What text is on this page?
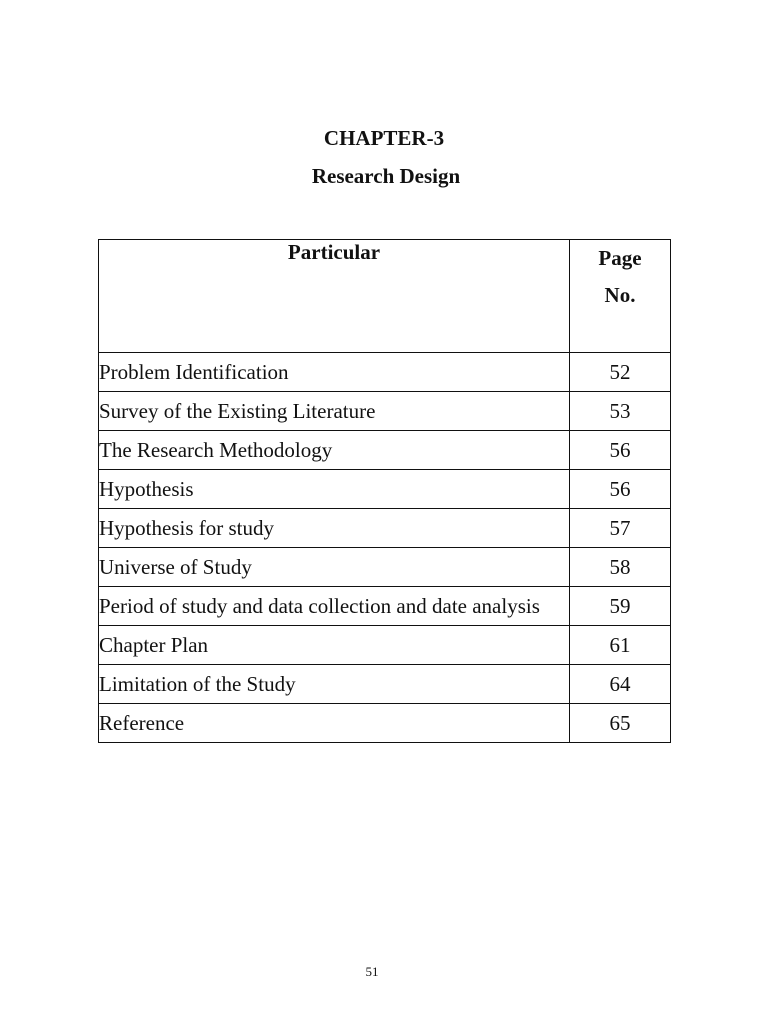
CHAPTER-3
Research Design
Particular	Page No.
Problem Identification	52
Survey of the Existing Literature	53
The Research Methodology	56
Hypothesis	56
Hypothesis for study	57
Universe of Study	58
Period of study and data collection and date analysis	59
Chapter Plan	61
Limitation of the Study	64
Reference	65
51
